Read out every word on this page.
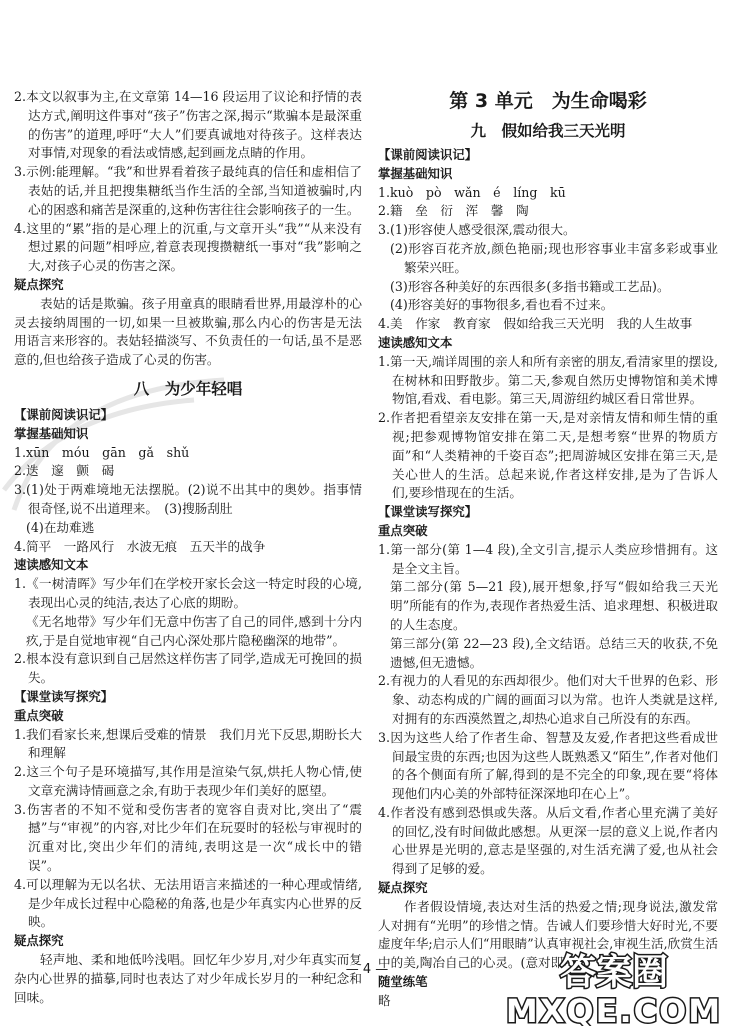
2.本文以叙事为主,在文章第 14—16 段运用了议论和抒情的表达方式,阐明这件事对“孩子”伤害之深,揭示“欺骗本是最深重的伤害”的道理,呼吁“大人”们要真诚地对待孩子。这样表达对事情,对现象的看法或情感,起到画龙点睛的作用。

3.示例:能理解。“我”和世界看着孩子最纯真的信任和虚相信了表姑的话,并且把搜集糖纸当作生活的全部,当知道被骗时,内心的困惑和痛苦是深重的,这种伤害往往会影响孩子的一生。

4.这里的“累”指的是心理上的沉重,与文章开头“我”“从来没有想过累的问题”相呼应,着意表现搜攒糖纸一事对“我”影响之大,对孩子心灵的伤害之深。

疑点探究

表姑的话是欺骗。孩子用童真的眼睛看世界,用最淳朴的心灵去接纳周围的一切,如果一旦被欺骗,那么内心的伤害是无法用语言来形容的。表姑轻描淡写、不负责任的一句话,虽不是恶意的,但也给孩子造成了心灵的伤害。

八　为少年轻唱

【课前阅读识记】

掌握基础知识

1.xūn　móu　gān　gǎ　shǔ

2.迭　邃　颤　碣

3.(1)处于两难境地无法摆脱。(2)说不出其中的奥妙。指事情很奇怪,说不出道理来。　(3)搜肠刮肚

(4)在劫难逃

4.简平　一路风行　水波无痕　五天半的战争

速读感知文本

1.《一树清晖》写少年们在学校开家长会这一特定时段的心境,表现出心灵的纯洁,表达了心底的期盼。

《无名地带》写少年们无意中伤害了自己的同伴,感到十分内疚,于是自觉地审视“自己内心深处那片隐秘幽深的地带”。

2.根本没有意识到自己居然这样伤害了同学,造成无可挽回的损失。

【课堂读写探究】

重点突破

1.我们看家长来,想课后受难的情景　我们月光下反思,期盼长大和理解

2.这三个句子是环境描写,其作用是渲染气氛,烘托人物心情,使文章充满诗情画意之余,有助于表现少年们美好的愿望。

3.伤害者的不知不觉和受伤害者的宽容自责对比,突出了“震撼”与“审视”的内容,对比少年们在玩耍时的轻松与审视时的沉重对比,突出少年们的清纯,表明这是一次“成长中的错误”。

4.可以理解为无以名状、无法用语言来描述的一种心理或情绪,是少年成长过程中心隐秘的角落,也是少年真实内心世界的反映。

疑点探究

轻声地、柔和地低吟浅唱。回忆年少岁月,对少年真实而复杂内心世界的描摹,同时也表达了对少年成长岁月的一种纪念和回味。

第 3 单元　为生命喝彩

九　假如给我三天光明

【课前阅读识记】

掌握基础知识

1.kuò　pò　wǎn　é　líng　kū

2.籍　垒　衍　浑　馨　陶

3.(1)形容使人感受很深,震动很大。

(2)形容百花齐放,颜色艳丽;现也形容事业丰富多彩或事业繁荣兴旺。

(3)形容各种美好的东西很多(多指书籍或工艺品)。

(4)形容美好的事物很多,看也看不过来。

4.美　作家　教育家　假如给我三天光明　我的人生故事

速读感知文本

1.第一天,端详周围的亲人和所有亲密的朋友,看清家里的摆设,在树林和田野散步。第二天,参观自然历史博物馆和美术博物馆,看戏、看电影。第三天,周游纽约城区看日常世界。

2.作者把看望亲友安排在第一天,是对亲情友情和师生情的重视;把参观博物馆安排在第二天,是想考察“世界的物质方面”和“人类精神的千姿百态”;把周游城区安排在第三天,是关心世人的生活。总起来说,作者这样安排,是为了告诉人们,要珍惜现在的生活。

【课堂读写探究】

重点突破

1.第一部分(第 1—4 段),全文引言,提示人类应珍惜拥有。这是全文主旨。

第二部分(第 5—21 段),展开想象,抒写“假如给我三天光明”所能有的作为,表现作者热爱生活、追求理想、积极进取的人生态度。

第三部分(第 22—23 段),全文结语。总结三天的收获,不免遗憾,但无遗憾。

2.有视力的人看见的东西却很少。他们对大千世界的色彩、形象、动态构成的广阔的画面习以为常。也许人类就是这样,对拥有的东西漠然置之,却热心追求自己所没有的东西。

3.因为这些人给了作者生命、智慧及友爱,作者把这些看成世间最宝贵的东西;也因为这些人既熟悉又“陌生”,作者对他们的各个侧面有所了解,得到的是不完全的印象,现在要“将体现他们内心美的外部特征深深地印在心上”。

4.作者没有感到恐惧或失落。从后文看,作者心里充满了美好的回忆,没有时间做此感想。从更深一层的意义上说,作者内心世界是光明的,意志是坚强的,对生活充满了爱,也从社会得到了足够的爱。

疑点探究

作者假设情境,表达对生活的热爱之情;现身说法,激发常人对拥有“光明”的珍惜之情。告诫人们要珍惜大好时光,不要虚度年华;启示人们“用眼睛”认真审视社会,审视生活,欣赏生活中的美,陶冶自己的心灵。(意对即可)

随堂练笔

略

— 4 —	答案圈
MXQE.COM
